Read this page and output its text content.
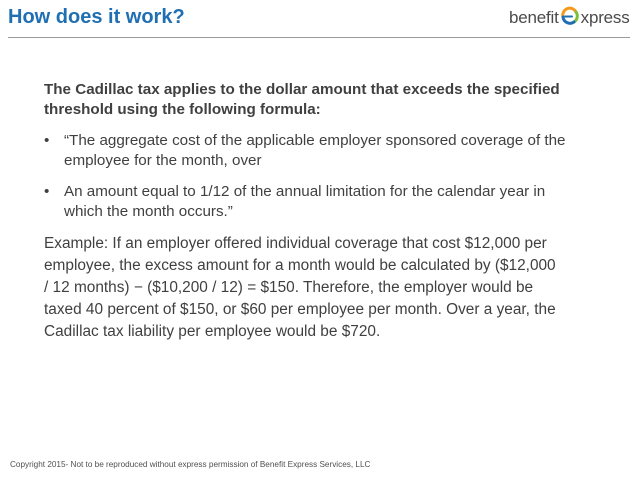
How does it work?	benefit xpress

The Cadillac tax applies to the dollar amount that exceeds the specified threshold using the following formula:

• “The aggregate cost of the applicable employer sponsored coverage of the employee for the month, over
• An amount equal to 1/12 of the annual limitation for the calendar year in which the month occurs.”

Example: If an employer offered individual coverage that cost $12,000 per employee, the excess amount for a month would be calculated by ($12,000 / 12 months) − ($10,200 / 12) = $150. Therefore, the employer would be taxed 40 percent of $150, or $60 per employee per month. Over a year, the Cadillac tax liability per employee would be $720.

Copyright 2015- Not to be reproduced without express permission of Benefit Express Services, LLC
